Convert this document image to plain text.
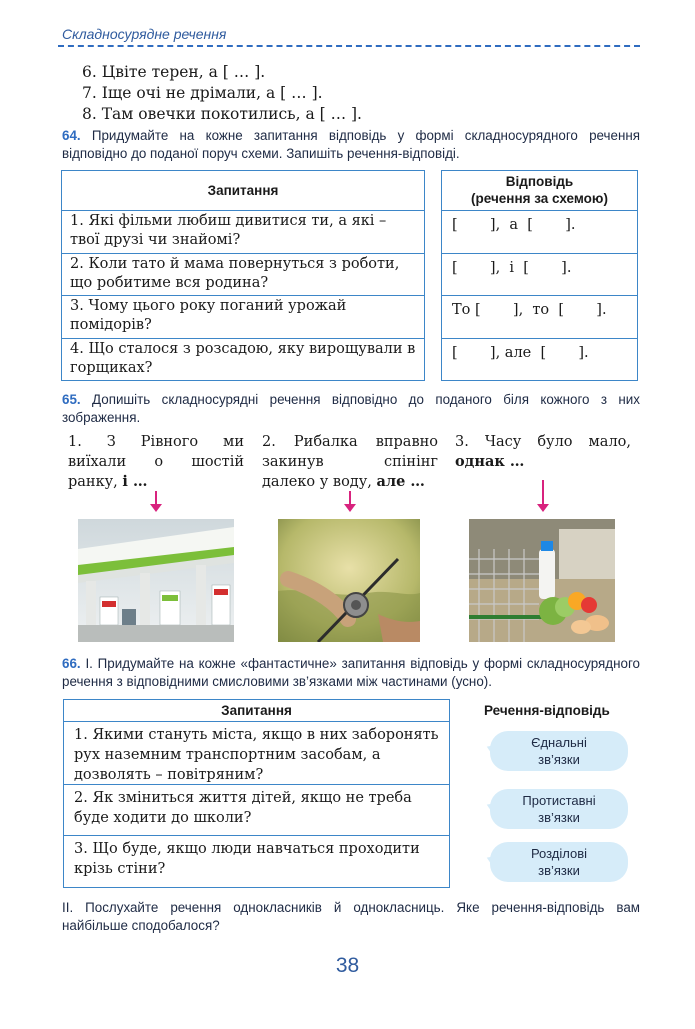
Складносурядне речення
6. Цвіте терен, а [ … ].
7. Іще очі не дрімали, а [ … ].
8. Там овечки покотились, а [ … ].
64. Придумайте на кожне запитання відповідь у формі складносурядного речення відповідно до поданої поруч схеми. Запишіть речення-відповіді.
Запитання
1. Які фільми любиш дивитися ти, а які – твої друзі чи знайомі?
2. Коли тато й мама повернуться з роботи, що робитиме вся родина?
3. Чому цього року поганий урожай помідорів?
4. Що сталося з розсадою, яку вирощували в горщиках?
Відповідь
(речення за схемою)
[       ],  а  [       ].
[       ],  і  [       ].
То [       ],  то  [       ].
[       ], але  [       ].
65. Допишіть складносурядні речення відповідно до поданого біля кожного з них зображення.
1. З Рівного ми виїхали о шостій ранку, і …
2. Рибалка вправно закинув спінінг далеко у воду, але …
3. Часу було мало, однак …
66. І. Придумайте на кожне «фантастичне» запитання відповідь у формі складносурядного речення з відповідними смисловими зв’язками між частинами (усно).
Запитання
1. Якими стануть міста, якщо в них заборонять рух наземним транспортним засобам, а дозволять – повітряним?
2. Як зміниться життя дітей, якщо не треба буде ходити до школи?
3. Що буде, якщо люди навчаться проходити крізь стіни?
Речення-відповідь
Єднальні
зв’язки
Протиставні
зв’язки
Розділові
зв’язки
ІІ. Послухайте речення однокласників й однокласниць. Яке речення-відповідь вам найбільше сподобалося?
38
